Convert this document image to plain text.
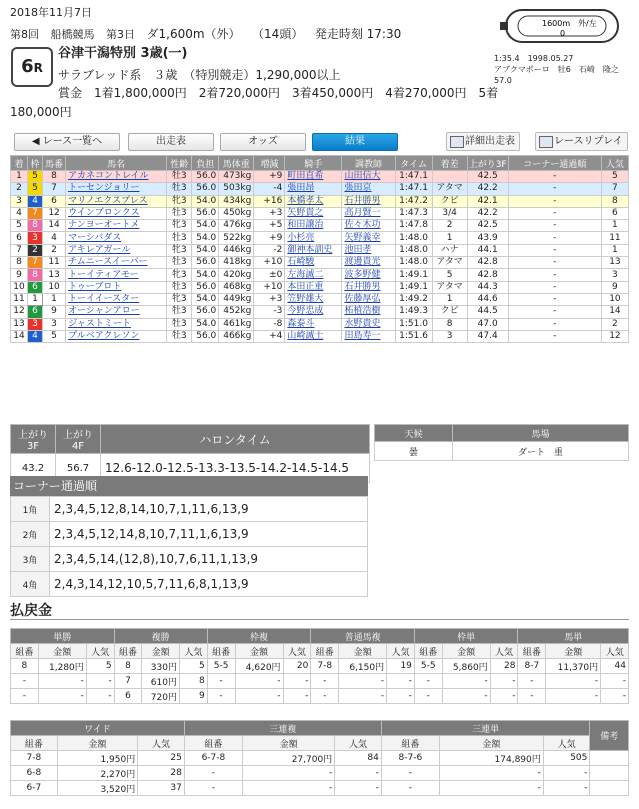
2018年11月7日
第8回 船橋競馬 第3日 ダ1,600m（外） （14頭） 発走時刻 17:30
6R
谷津干潟特別 3歳(一)
サラブレッド系　３歳　（特別競走）1,290,000以上
賞金　1着1,800,000円　2着720,000円　3着450,000円　4着270,000円　5着
180,000円
1600m 外/左
0
1:35.4　1998.05.27
アブクマポーロ　牡6　石崎　隆之
57.0
◀ レース一覧へ	出走表	オッズ	結果	詳細出走表	レースリプレイ
着	枠	馬番	馬名	性齢	負担	馬体重	増減	騎手	調教師	タイム	着差	上がり3F	コーナー通過順	人気
1	5	8	アカネコントレイル	牡3	56.0	473kg	+9	町田直希	山田信大	1:47.1		42.5	-	5
2	5	7	トーセンジョリー	牡3	56.0	503kg	-4	張田昂	張田京	1:47.1	アタマ	42.2	-	7
3	4	6	マリノエクスプレス	牝3	54.0	434kg	+16	本橋孝太	石井勝男	1:47.2	クビ	42.1	-	8
4	7	12	ウインブロンクス	牡3	56.0	450kg	+3	矢野貴之	高月賢一	1:47.3	3/4	42.2	-	6
5	8	14	ナンヨーオートメ	牝3	54.0	476kg	+5	和田譲治	佐々木功	1:47.8	2	42.5	-	1
6	3	4	マーシバダス	牡3	54.0	522kg	+9	小杉亮	矢野義幸	1:48.0	1	43.9	-	11
7	2	2	アキレアガール	牝3	54.0	446kg	-2	御神本訓史	池田孝	1:48.0	ハナ	44.1	-	1
8	7	11	チムニースイーパー	牡3	56.0	418kg	+10	石崎駿	渡邊貴光	1:48.0	アタマ	42.8	-	13
9	8	13	トーイティアモー	牝3	54.0	420kg	±0	左海誠二	波多野健	1:49.1	5	42.8	-	3
10	6	10	トゥーブロト	牡3	56.0	468kg	+10	本田正重	石井勝男	1:49.1	アタマ	44.3	-	9
11	1	1	トーイイースター	牝3	54.0	449kg	+3	笠野雄大	佐藤厚弘	1:49.2	1	44.6	-	10
12	6	9	オーシャンアロー	牡3	56.0	452kg	-3	今野忠成	柘植浩樹	1:49.3	クビ	44.5	-	14
13	3	3	ジャストミート	牡3	54.0	461kg	-8	森泰斗	水野貴史	1:51.0	8	47.0	-	2
14	4	5	ブルベアクレソン	牡3	56.0	466kg	+4	山崎誠士	田島寿一	1:51.6	3	47.4	-	12
上がり3F	上がり4F	ハロンタイム
43.2	56.7	12.6-12.0-12.5-13.3-13.5-14.2-14.5-14.5
天候	馬場
曇	ダート　重
コーナー通過順
1角	2,3,4,5,12,8,14,10,7,1,11,6,13,9
2角	2,3,4,5,12,14,8,10,7,11,1,6,13,9
3角	2,3,4,5,14,(12,8),10,7,6,11,1,13,9
4角	2,4,3,14,12,10,5,7,11,6,8,1,13,9
払戻金
単勝			複勝			枠複			普通馬複			枠単			馬単		
組番	金額	人気	組番	金額	人気	組番	金額	人気	組番	金額	人気	組番	金額	人気	組番	金額	人気
8	1,280円	5	8	330円	5	5-5	4,620円	20	7-8	6,150円	19	5-5	5,860円	28	8-7	11,370円	44
-	-	-	7	610円	8	-	-	-	-	-	-	-	-	-	-	-	-
-	-	-	6	720円	9	-	-	-	-	-	-	-	-	-	-	-	-
ワイド			三連複			三連単			備考
組番	金額	人気	組番	金額	人気	組番	金額	人気	
7-8	1,950円	25	6-7-8	27,700円	84	8-7-6	174,890円	505	
6-8	2,270円	28	-	-	-	-	-	-	
6-7	3,520円	37	-	-	-	-	-	-	
